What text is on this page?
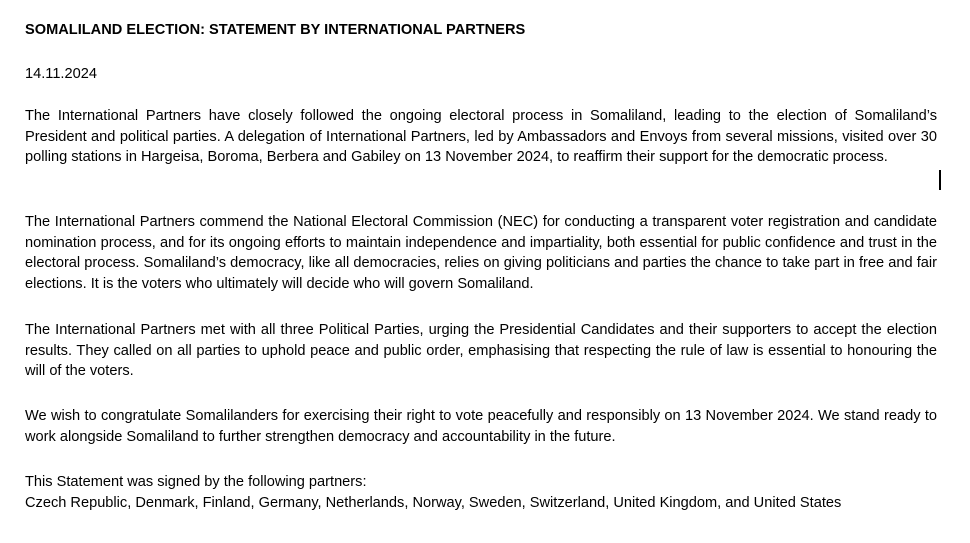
SOMALILAND ELECTION: STATEMENT BY INTERNATIONAL PARTNERS

14.11.2024

The International Partners have closely followed the ongoing electoral process in Somaliland, leading to the election of Somaliland’s President and political parties. A delegation of International Partners, led by Ambassadors and Envoys from several missions, visited over 30 polling stations in Hargeisa, Boroma, Berbera and Gabiley on 13 November 2024, to reaffirm their support for the democratic process.

The International Partners commend the National Electoral Commission (NEC) for conducting a transparent voter registration and candidate nomination process, and for its ongoing efforts to maintain independence and impartiality, both essential for public confidence and trust in the electoral process. Somaliland’s democracy, like all democracies, relies on giving politicians and parties the chance to take part in free and fair elections. It is the voters who ultimately will decide who will govern Somaliland.

The International Partners met with all three Political Parties, urging the Presidential Candidates and their supporters to accept the election results. They called on all parties to uphold peace and public order, emphasising that respecting the rule of law is essential to honouring the will of the voters.

We wish to congratulate Somalilanders for exercising their right to vote peacefully and responsibly on 13 November 2024. We stand ready to work alongside Somaliland to further strengthen democracy and accountability in the future.

This Statement was signed by the following partners:
Czech Republic, Denmark, Finland, Germany, Netherlands, Norway, Sweden, Switzerland, United Kingdom, and United States
